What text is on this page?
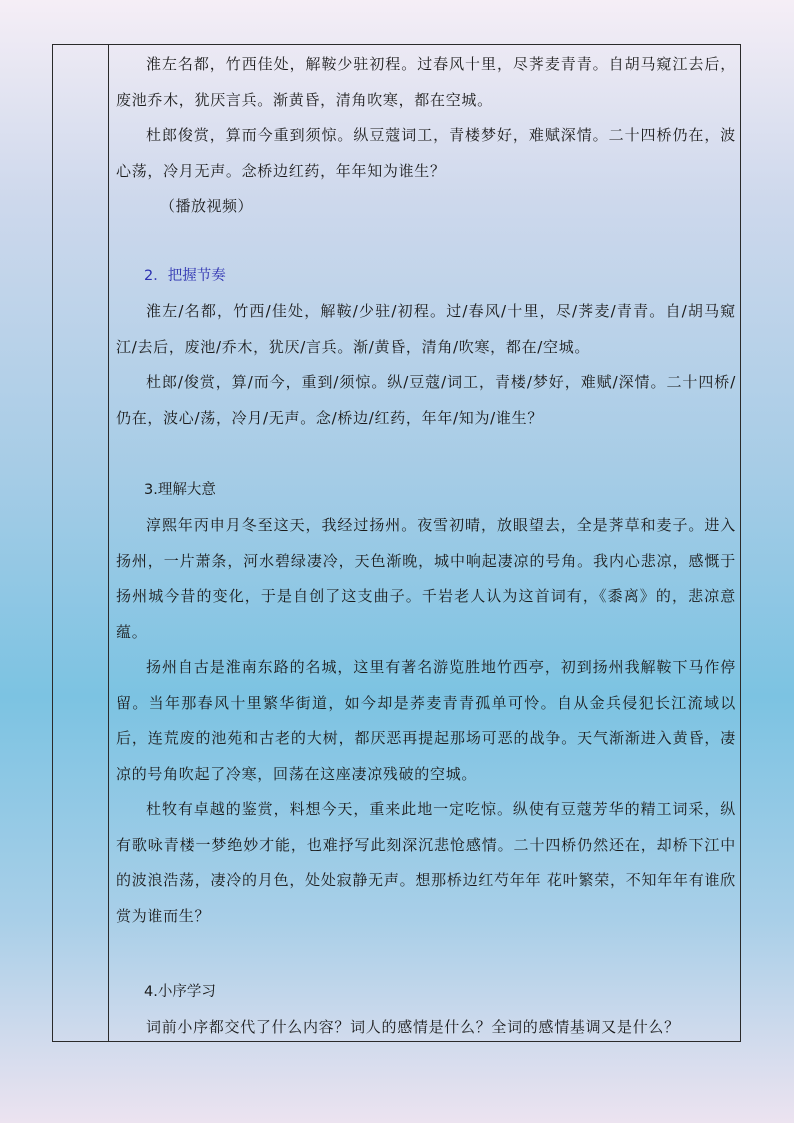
淮左名都，竹西佳处，解鞍少驻初程。过春风十里，尽荠麦青青。自胡马窥江去后，废池乔木，犹厌言兵。渐黄昏，清角吹寒，都在空城。

杜郎俊赏，算而今重到须惊。纵豆蔻词工，青楼梦好，难赋深情。二十四桥仍在，波心荡，冷月无声。念桥边红药，年年知为谁生？

（播放视频）

2．把握节奏

淮左/名都，竹西/佳处，解鞍/少驻/初程。过/春风/十里，尽/荠麦/青青。自/胡马窥江/去后，废池/乔木，犹厌/言兵。渐/黄昏，清角/吹寒，都在/空城。

杜郎/俊赏，算/而今，重到/须惊。纵/豆蔻/词工，青楼/梦好，难赋/深情。二十四桥/仍在，波心/荡，冷月/无声。念/桥边/红药，年年/知为/谁生？

3.理解大意

淳熙年丙申月冬至这天，我经过扬州。夜雪初晴，放眼望去，全是荠草和麦子。进入扬州，一片萧条，河水碧绿凄冷，天色渐晚，城中响起凄凉的号角。我内心悲凉，感慨于扬州城今昔的变化，于是自创了这支曲子。千岩老人认为这首词有，《黍离》的，悲凉意蕴。

扬州自古是淮南东路的名城，这里有著名游览胜地竹西亭，初到扬州我解鞍下马作停留。当年那春风十里繁华街道，如今却是荞麦青青孤单可怜。自从金兵侵犯长江流域以后，连荒废的池苑和古老的大树，都厌恶再提起那场可恶的战争。天气渐渐进入黄昏，凄凉的号角吹起了冷寒，回荡在这座凄凉残破的空城。

杜牧有卓越的鉴赏，料想今天，重来此地一定吃惊。纵使有豆蔻芳华的精工词采，纵有歌咏青楼一梦绝妙才能，也难抒写此刻深沉悲怆感情。二十四桥仍然还在，却桥下江中的波浪浩荡，凄冷的月色，处处寂静无声。想那桥边红芍年年 花叶繁荣，不知年年有谁欣赏为谁而生？

4.小序学习

词前小序都交代了什么内容？词人的感情是什么？全词的感情基调又是什么？
